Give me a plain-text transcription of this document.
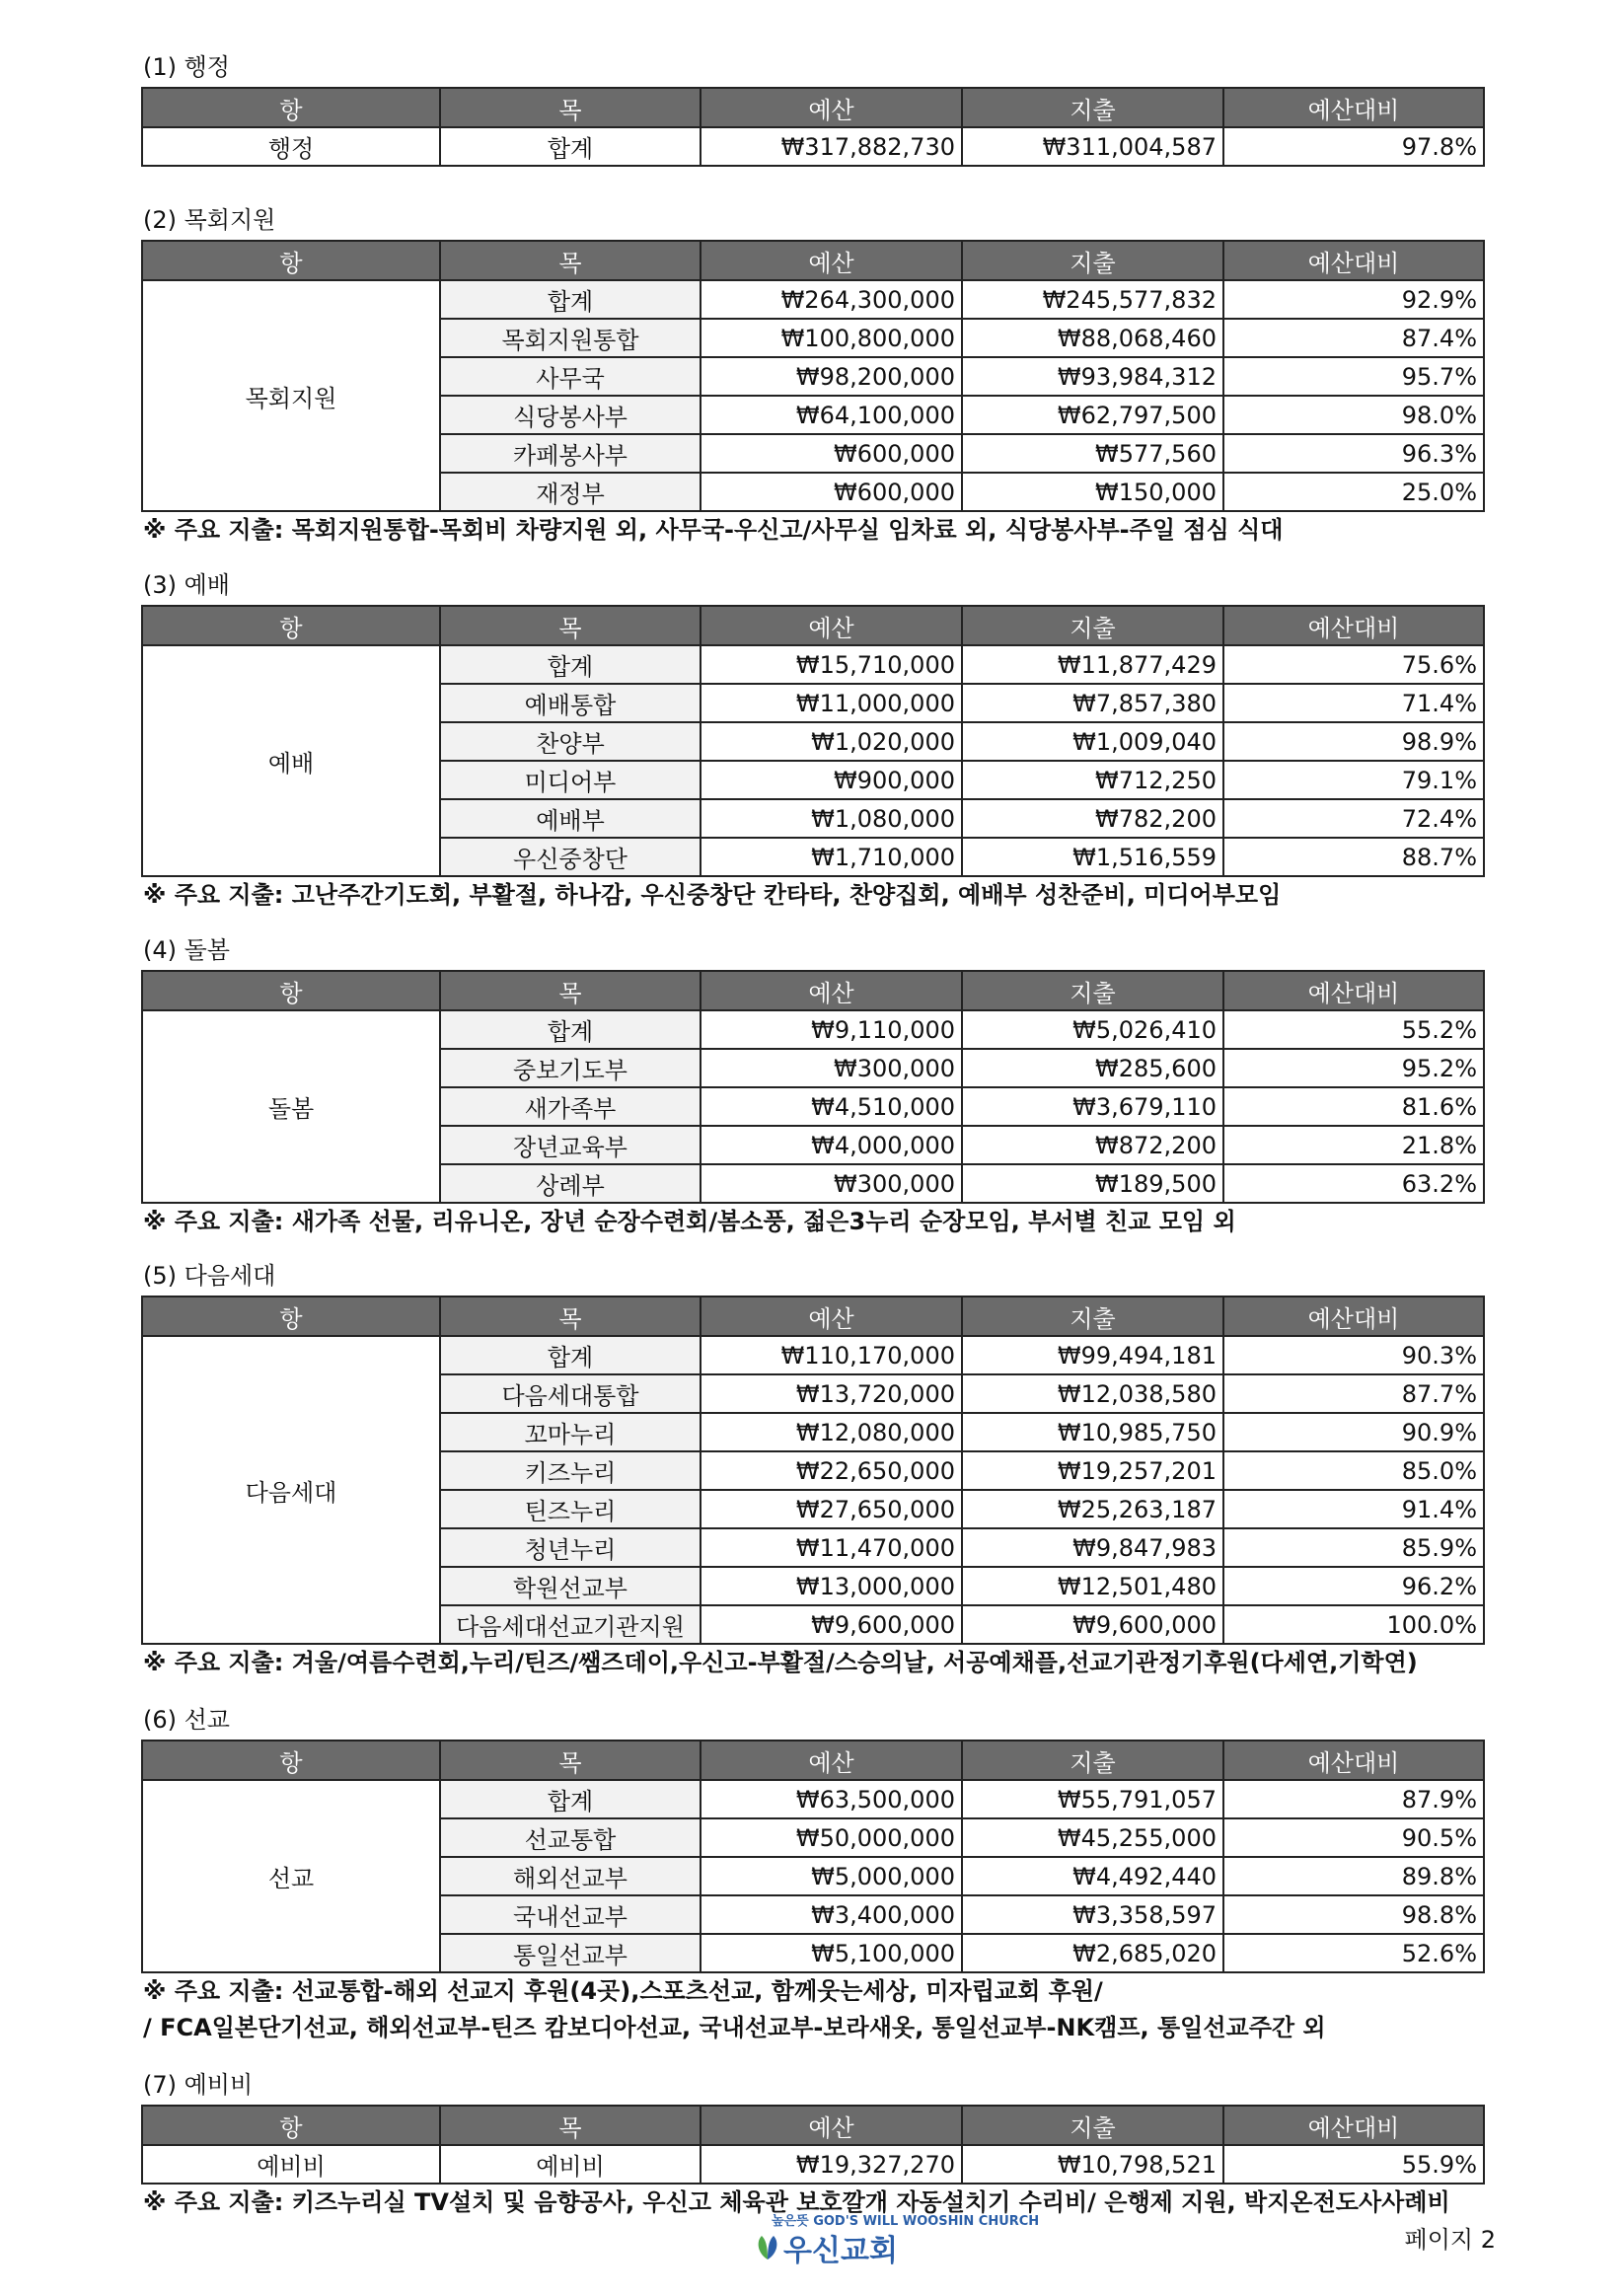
(1) 행정
항	목	예산	지출	예산대비
행정	합계	₩317,882,730	₩311,004,587	97.8%
(2) 목회지원
항	목	예산	지출	예산대비
목회지원	합계	₩264,300,000	₩245,577,832	92.9%
	목회지원통합	₩100,800,000	₩88,068,460	87.4%
	사무국	₩98,200,000	₩93,984,312	95.7%
	식당봉사부	₩64,100,000	₩62,797,500	98.0%
	카페봉사부	₩600,000	₩577,560	96.3%
	재정부	₩600,000	₩150,000	25.0%
※ 주요 지출: 목회지원통합-목회비 차량지원 외, 사무국-우신고/사무실 임차료 외, 식당봉사부-주일 점심 식대
(3) 예배
항	목	예산	지출	예산대비
예배	합계	₩15,710,000	₩11,877,429	75.6%
	예배통합	₩11,000,000	₩7,857,380	71.4%
	찬양부	₩1,020,000	₩1,009,040	98.9%
	미디어부	₩900,000	₩712,250	79.1%
	예배부	₩1,080,000	₩782,200	72.4%
	우신중창단	₩1,710,000	₩1,516,559	88.7%
※ 주요 지출: 고난주간기도회, 부활절, 하나감, 우신중창단 칸타타, 찬양집회, 예배부 성찬준비, 미디어부모임
(4) 돌봄
항	목	예산	지출	예산대비
돌봄	합계	₩9,110,000	₩5,026,410	55.2%
	중보기도부	₩300,000	₩285,600	95.2%
	새가족부	₩4,510,000	₩3,679,110	81.6%
	장년교육부	₩4,000,000	₩872,200	21.8%
	상례부	₩300,000	₩189,500	63.2%
※ 주요 지출: 새가족 선물, 리유니온, 장년 순장수련회/봄소풍, 젊은3누리 순장모임, 부서별 친교 모임 외
(5) 다음세대
항	목	예산	지출	예산대비
다음세대	합계	₩110,170,000	₩99,494,181	90.3%
	다음세대통합	₩13,720,000	₩12,038,580	87.7%
	꼬마누리	₩12,080,000	₩10,985,750	90.9%
	키즈누리	₩22,650,000	₩19,257,201	85.0%
	틴즈누리	₩27,650,000	₩25,263,187	91.4%
	청년누리	₩11,470,000	₩9,847,983	85.9%
	학원선교부	₩13,000,000	₩12,501,480	96.2%
	다음세대선교기관지원	₩9,600,000	₩9,600,000	100.0%
※ 주요 지출: 겨울/여름수련회,누리/틴즈/쌤즈데이,우신고-부활절/스승의날, 서공예채플,선교기관정기후원(다세연,기학연)
(6) 선교
항	목	예산	지출	예산대비
선교	합계	₩63,500,000	₩55,791,057	87.9%
	선교통합	₩50,000,000	₩45,255,000	90.5%
	해외선교부	₩5,000,000	₩4,492,440	89.8%
	국내선교부	₩3,400,000	₩3,358,597	98.8%
	통일선교부	₩5,100,000	₩2,685,020	52.6%
※ 주요 지출: 선교통합-해외 선교지 후원(4곳),스포츠선교, 함께웃는세상, 미자립교회 후원/
/ FCA일본단기선교, 해외선교부-틴즈 캄보디아선교, 국내선교부-보라새옷, 통일선교부-NK캠프, 통일선교주간 외
(7) 예비비
항	목	예산	지출	예산대비
예비비	예비비	₩19,327,270	₩10,798,521	55.9%
※ 주요 지출: 키즈누리실 TV설치 및 음향공사, 우신고 체육관 보호깔개 자동설치기 수리비/ 은행제 지원, 박지온전도사사례비
높은뜻 GOD'S WILL WOOSHIN CHURCH
우신교회	페이지 2
